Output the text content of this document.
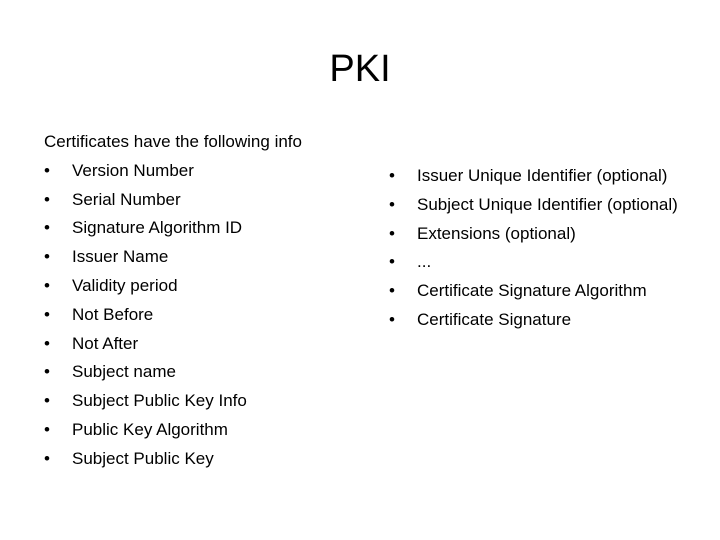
PKI
Certificates have the following info
•	Version Number
•	Serial Number
•	Signature Algorithm ID
•	Issuer Name
•	Validity period
•	Not Before
•	Not After
•	Subject name
•	Subject Public Key Info
•	Public Key Algorithm
•	Subject Public Key
•	Issuer Unique Identifier (optional)
•	Subject Unique Identifier (optional)
•	Extensions (optional)
•	...
•	Certificate Signature Algorithm
•	Certificate Signature
